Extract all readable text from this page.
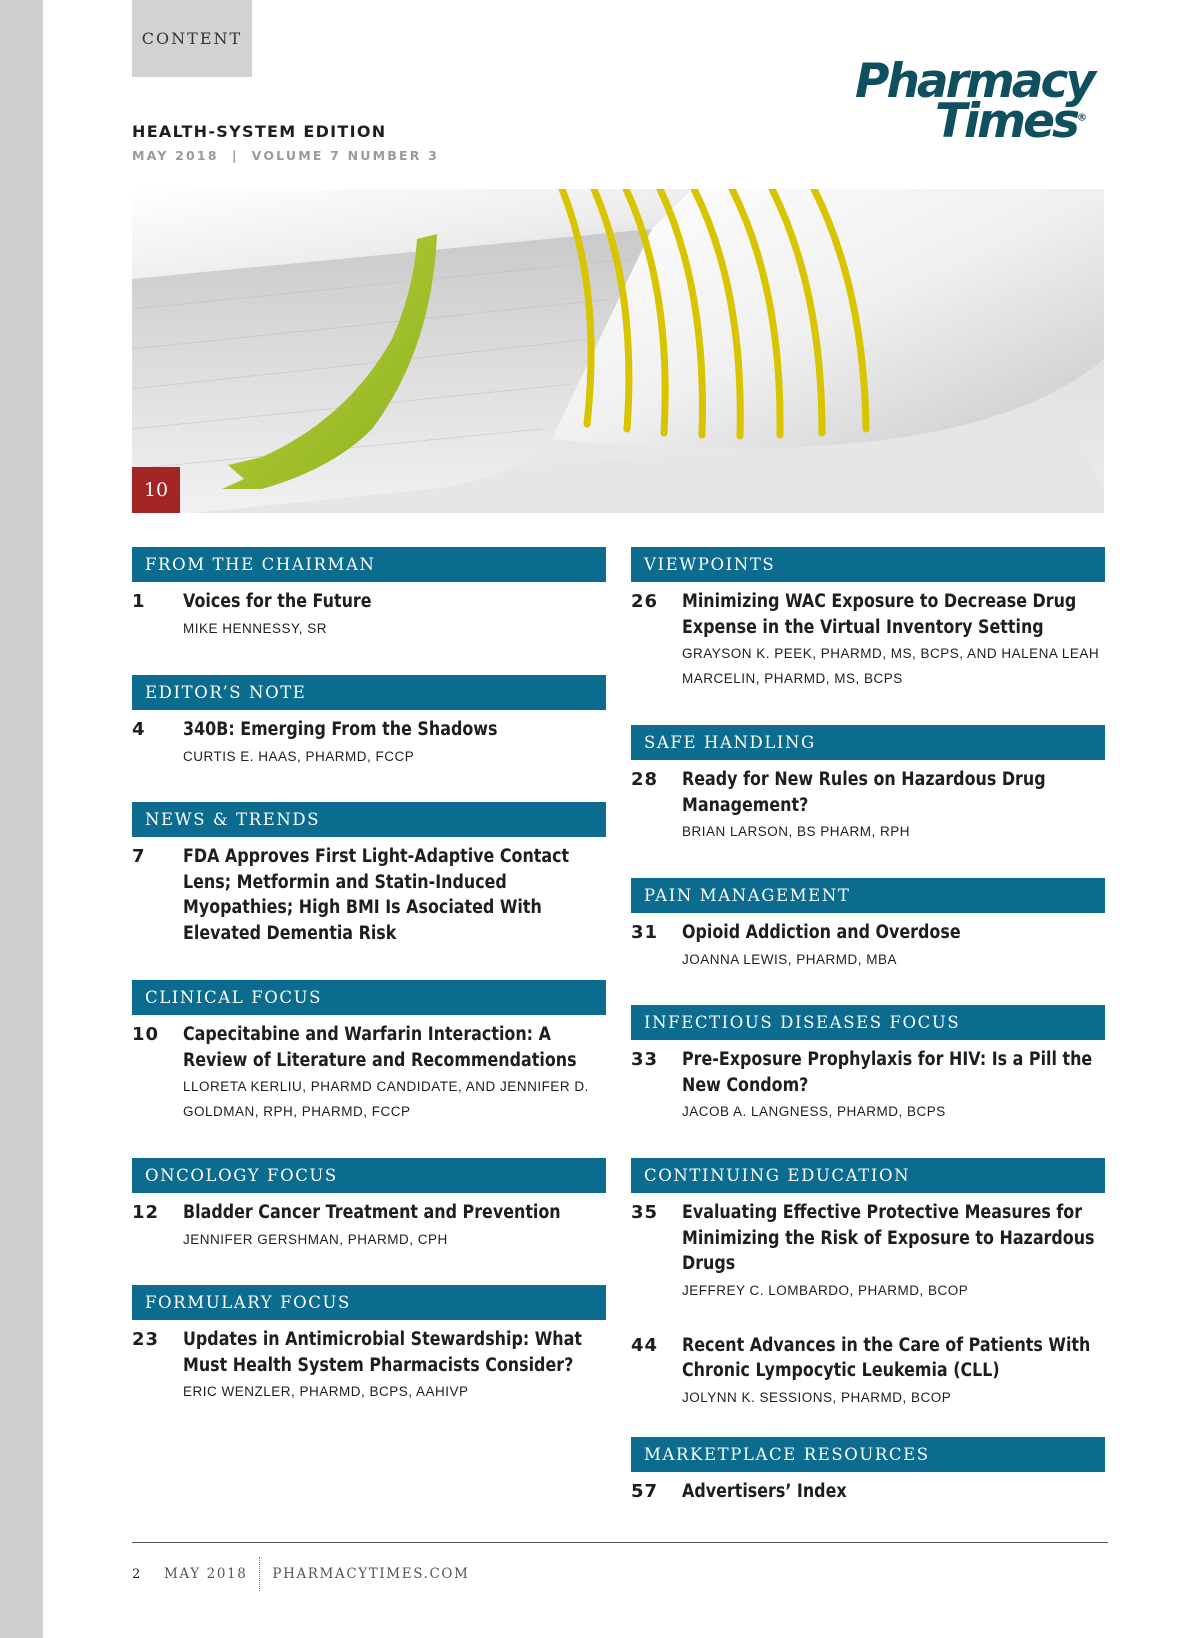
CONTENT
Pharmacy
Times®
HEALTH-SYSTEM EDITION
MAY 2018  |  VOLUME 7 NUMBER 3
10
FROM THE CHAIRMAN
1	Voices for the Future
MIKE HENNESSY, SR
EDITOR’S NOTE
4	340B: Emerging From the Shadows
CURTIS E. HAAS, PHARMD, FCCP
NEWS & TRENDS
7	FDA Approves First Light-Adaptive Contact Lens; Metformin and Statin-Induced Myopathies; High BMI Is Asociated With Elevated Dementia Risk
CLINICAL FOCUS
10	Capecitabine and Warfarin Interaction: A Review of Literature and Recommendations
LLORETA KERLIU, PHARMD CANDIDATE, AND JENNIFER D. GOLDMAN, RPH, PHARMD, FCCP
ONCOLOGY FOCUS
12	Bladder Cancer Treatment and Prevention
JENNIFER GERSHMAN, PHARMD, CPH
FORMULARY FOCUS
23	Updates in Antimicrobial Stewardship: What Must Health System Pharmacists Consider?
ERIC WENZLER, PHARMD, BCPS, AAHIVP
VIEWPOINTS
26	Minimizing WAC Exposure to Decrease Drug Expense in the Virtual Inventory Setting
GRAYSON K. PEEK, PHARMD, MS, BCPS, AND HALENA LEAH MARCELIN, PHARMD, MS, BCPS
SAFE HANDLING
28	Ready for New Rules on Hazardous Drug Management?
BRIAN LARSON, BS PHARM, RPH
PAIN MANAGEMENT
31	Opioid Addiction and Overdose
JOANNA LEWIS, PHARMD, MBA
INFECTIOUS DISEASES FOCUS
33	Pre-Exposure Prophylaxis for HIV: Is a Pill the New Condom?
JACOB A. LANGNESS, PHARMD, BCPS
CONTINUING EDUCATION
35	Evaluating Effective Protective Measures for Minimizing the Risk of Exposure to Hazardous Drugs
JEFFREY C. LOMBARDO, PHARMD, BCOP
44	Recent Advances in the Care of Patients With Chronic Lympocytic Leukemia (CLL)
JOLYNN K. SESSIONS, PHARMD, BCOP
MARKETPLACE RESOURCES
57	Advertisers’ Index
2	MAY 2018	PHARMACYTIMES.COM
